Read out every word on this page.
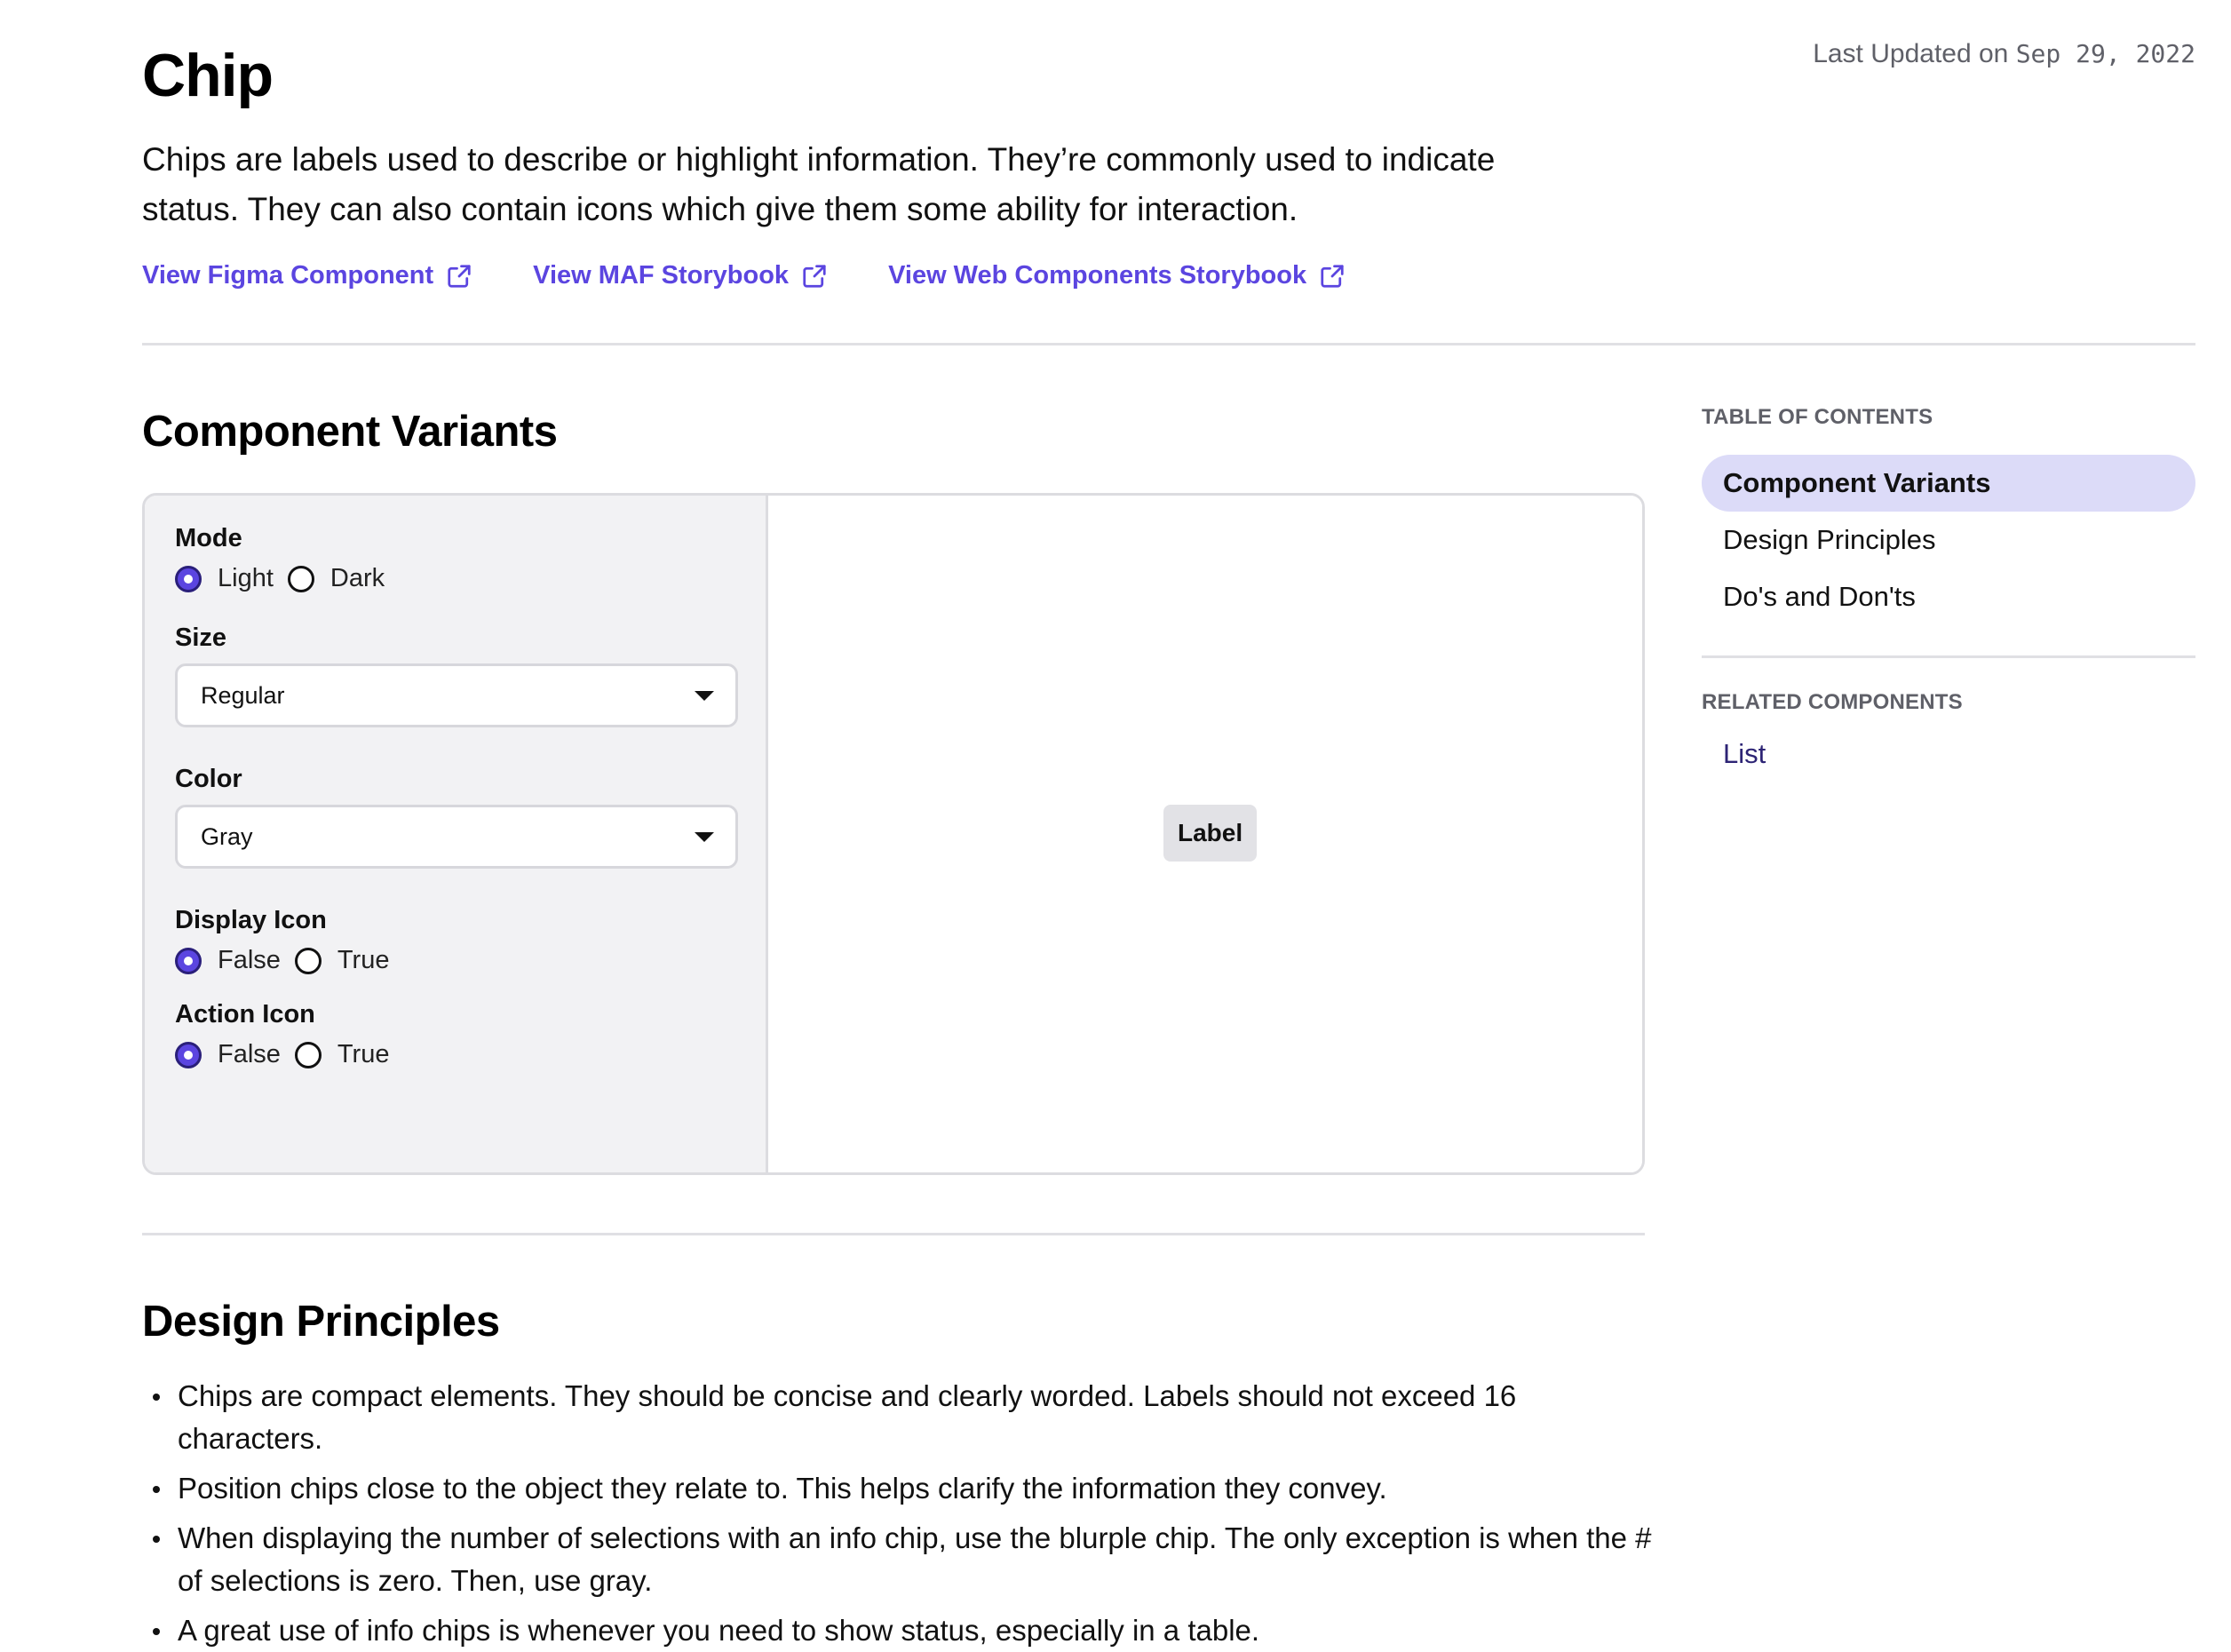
Last Updated on Sep 29, 2022
Chip

Chips are labels used to describe or highlight information. They’re commonly used to indicate status. They can also contain icons which give them some ability for interaction.

View Figma Component	View MAF Storybook	View Web Components Storybook
Component Variants
Mode
Light Dark
Size
Regular
Color
Gray
Display Icon
False True
Action Icon
False True
Label
TABLE OF CONTENTS
Component Variants
Design Principles
Do's and Don'ts
RELATED COMPONENTS
List
Design Principles
Chips are compact elements. They should be concise and clearly worded. Labels should not exceed 16 characters.
Position chips close to the object they relate to. This helps clarify the information they convey.
When displaying the number of selections with an info chip, use the blurple chip. The only exception is when the # of selections is zero. Then, use gray.
A great use of info chips is whenever you need to show status, especially in a table.
